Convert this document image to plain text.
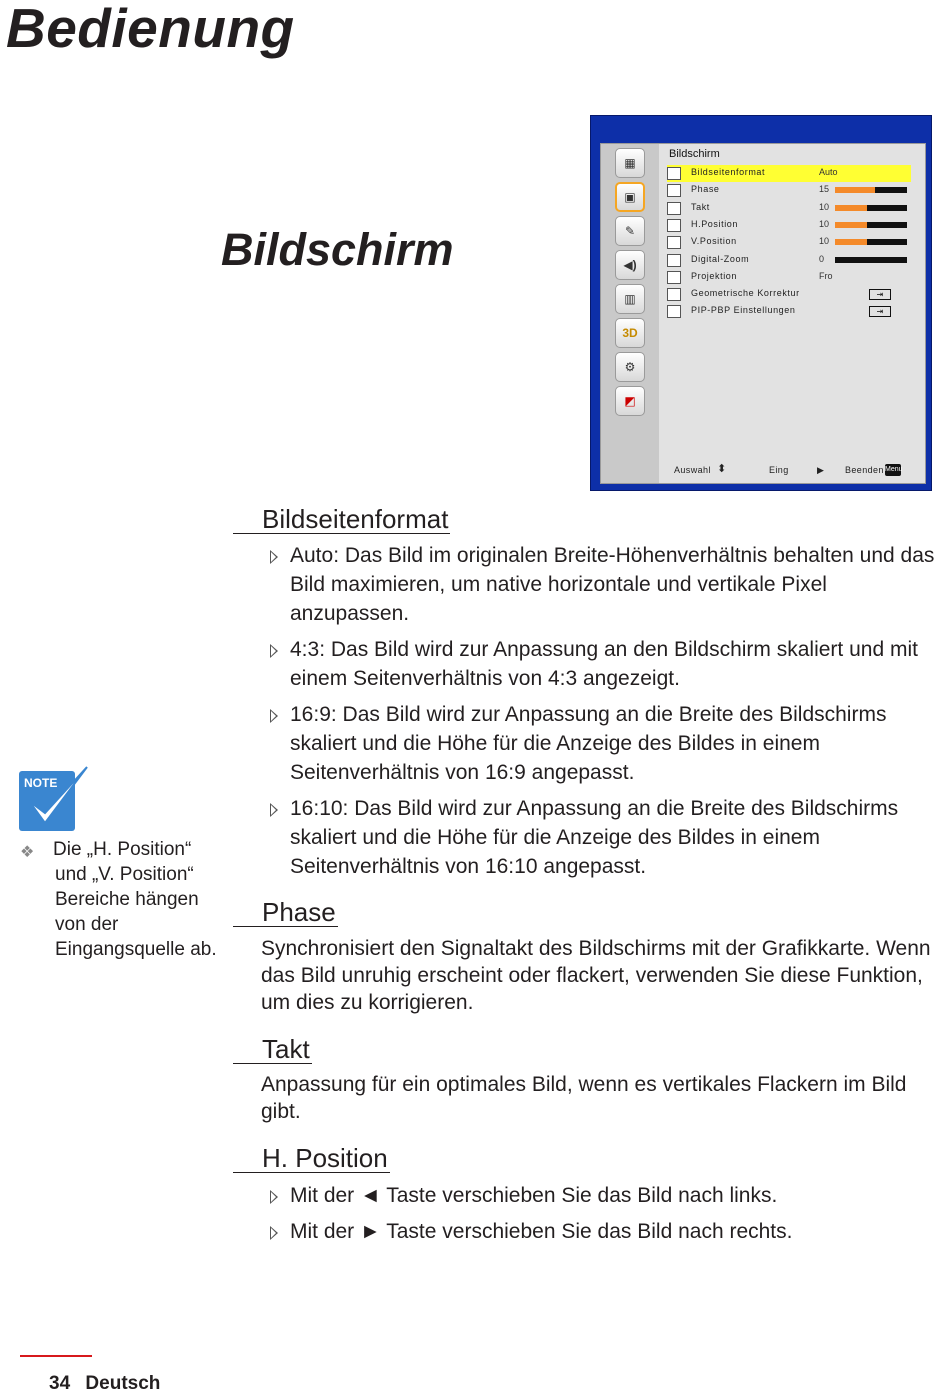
Bedienung
Bildschirm
▦
▣
✎
◀)
▥
3D
⚙
◩
Bildschirm
Bildseitenformat	Auto
Phase	15
Takt	10
H.Position	10
V.Position	10
Digital-Zoom	0
Projektion	Fro
Geometrische Korrektur	⇥
PIP-PBP Einstellungen	⇥
Auswahl ⬍	Eing	▶ Beenden Menu
Bildseitenformat
Auto: Das Bild im originalen Breite-Höhenverhältnis behalten und das Bild maximieren, um native horizontale und vertikale Pixel anzupassen.
4:3: Das Bild wird zur Anpassung an den Bildschirm skaliert und mit einem Seitenverhältnis von 4:3 angezeigt.
16:9: Das Bild wird zur Anpassung an die Breite des Bildschirms skaliert und die Höhe für die Anzeige des Bildes in einem Seitenverhältnis von 16:9 angepasst.
16:10: Das Bild wird zur Anpassung an die Breite des Bildschirms skaliert und die Höhe für die Anzeige des Bildes in einem Seitenverhältnis von 16:10 angepasst.
Phase
Synchronisiert den Signaltakt des Bildschirms mit der Grafikkarte. Wenn das Bild unruhig erscheint oder flackert, verwenden Sie diese Funktion, um dies zu korrigieren.
Takt
Anpassung für ein optimales Bild, wenn es vertikales Flackern im Bild gibt.
H. Position
Mit der ◄ Taste verschieben Sie das Bild nach links.
Mit der ► Taste verschieben Sie das Bild nach rechts.
NOTE
❖ Die „H. Position“ und „V. Position“ Bereiche hängen von der Eingangsquelle ab.
34 Deutsch
